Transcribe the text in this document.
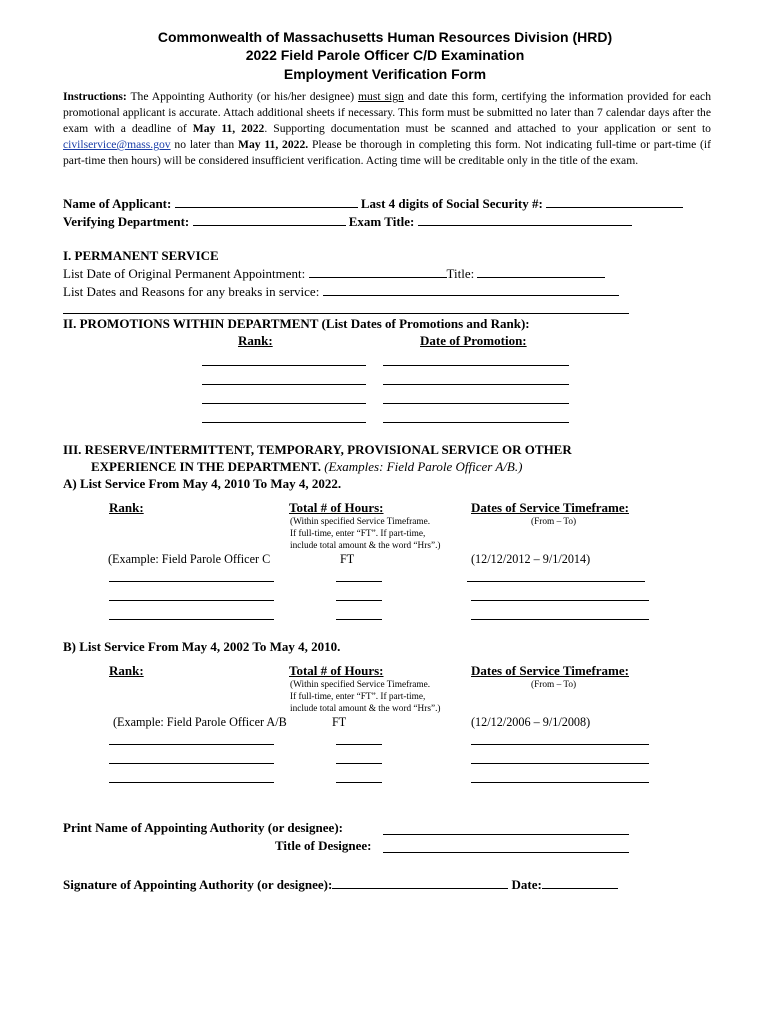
Commonwealth of Massachusetts Human Resources Division (HRD)
2022 Field Parole Officer C/D Examination
Employment Verification Form
Instructions: The Appointing Authority (or his/her designee) must sign and date this form, certifying the information provided for each promotional applicant is accurate. Attach additional sheets if necessary. This form must be submitted no later than 7 calendar days after the exam with a deadline of May 11, 2022. Supporting documentation must be scanned and attached to your application or sent to civilservice@mass.gov no later than May 11, 2022. Please be thorough in completing this form. Not indicating full-time or part-time (if part-time then hours) will be considered insufficient verification. Acting time will be creditable only in the title of the exam.
Name of Applicant:	Last 4 digits of Social Security #:
Verifying Department:	Exam Title:
I. PERMANENT SERVICE
List Date of Original Permanent Appointment:	Title:
List Dates and Reasons for any breaks in service:
II. PROMOTIONS WITHIN DEPARTMENT (List Dates of Promotions and Rank):
Rank:	Date of Promotion:
III. RESERVE/INTERMITTENT, TEMPORARY, PROVISIONAL SERVICE OR OTHER
EXPERIENCE IN THE DEPARTMENT. (Examples: Field Parole Officer A/B.)
A) List Service From May 4, 2010 To May 4, 2022.
Rank:	Total # of Hours:	Dates of Service Timeframe:
(Within specified Service Timeframe.
If full-time, enter “FT”. If part-time,
include total amount & the word “Hrs”.)
(From – To)
(Example: Field Parole Officer C	FT	(12/12/2012 – 9/1/2014)
B) List Service From May 4, 2002 To May 4, 2010.
Rank:	Total # of Hours:	Dates of Service Timeframe:
(Within specified Service Timeframe.
If full-time, enter “FT”. If part-time,
include total amount & the word “Hrs”.)
(From – To)
(Example: Field Parole Officer A/B	FT	(12/12/2006 – 9/1/2008)
Print Name of Appointing Authority (or designee):
Title of Designee:
Signature of Appointing Authority (or designee):	Date:
